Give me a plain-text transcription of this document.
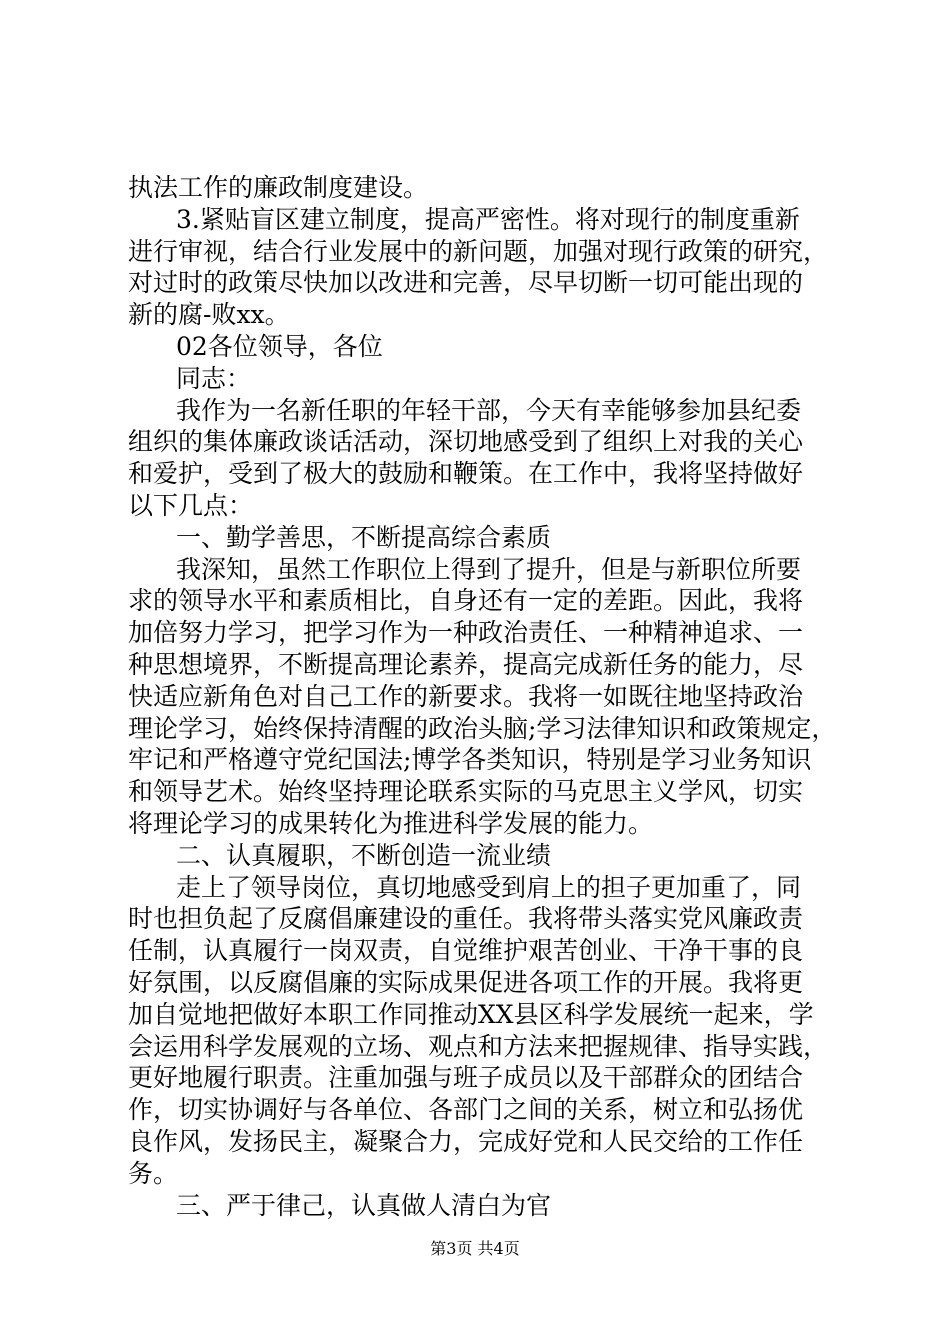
执法工作的廉政制度建设。
3.紧贴盲区建立制度，提高严密性。将对现行的制度重新
进行审视，结合行业发展中的新问题，加强对现行政策的研究，
对过时的政策尽快加以改进和完善，尽早切断一切可能出现的
新的腐-败xx。
02各位领导，各位
同志：
我作为一名新任职的年轻干部，今天有幸能够参加县纪委
组织的集体廉政谈话活动，深切地感受到了组织上对我的关心
和爱护，受到了极大的鼓励和鞭策。在工作中，我将坚持做好
以下几点：
一、勤学善思，不断提高综合素质
我深知，虽然工作职位上得到了提升，但是与新职位所要
求的领导水平和素质相比，自身还有一定的差距。因此，我将
加倍努力学习，把学习作为一种政治责任、一种精神追求、一
种思想境界，不断提高理论素养，提高完成新任务的能力，尽
快适应新角色对自己工作的新要求。我将一如既往地坚持政治
理论学习，始终保持清醒的政治头脑;学习法律知识和政策规定，
牢记和严格遵守党纪国法;博学各类知识，特别是学习业务知识
和领导艺术。始终坚持理论联系实际的马克思主义学风，切实
将理论学习的成果转化为推进科学发展的能力。
二、认真履职，不断创造一流业绩
走上了领导岗位，真切地感受到肩上的担子更加重了，同
时也担负起了反腐倡廉建设的重任。我将带头落实党风廉政责
任制，认真履行一岗双责，自觉维护艰苦创业、干净干事的良
好氛围，以反腐倡廉的实际成果促进各项工作的开展。我将更
加自觉地把做好本职工作同推动XX县区科学发展统一起来，学
会运用科学发展观的立场、观点和方法来把握规律、指导实践，
更好地履行职责。注重加强与班子成员以及干部群众的团结合
作，切实协调好与各单位、各部门之间的关系，树立和弘扬优
良作风，发扬民主，凝聚合力，完成好党和人民交给的工作任
务。
三、严于律己，认真做人清白为官
第3页 共4页
